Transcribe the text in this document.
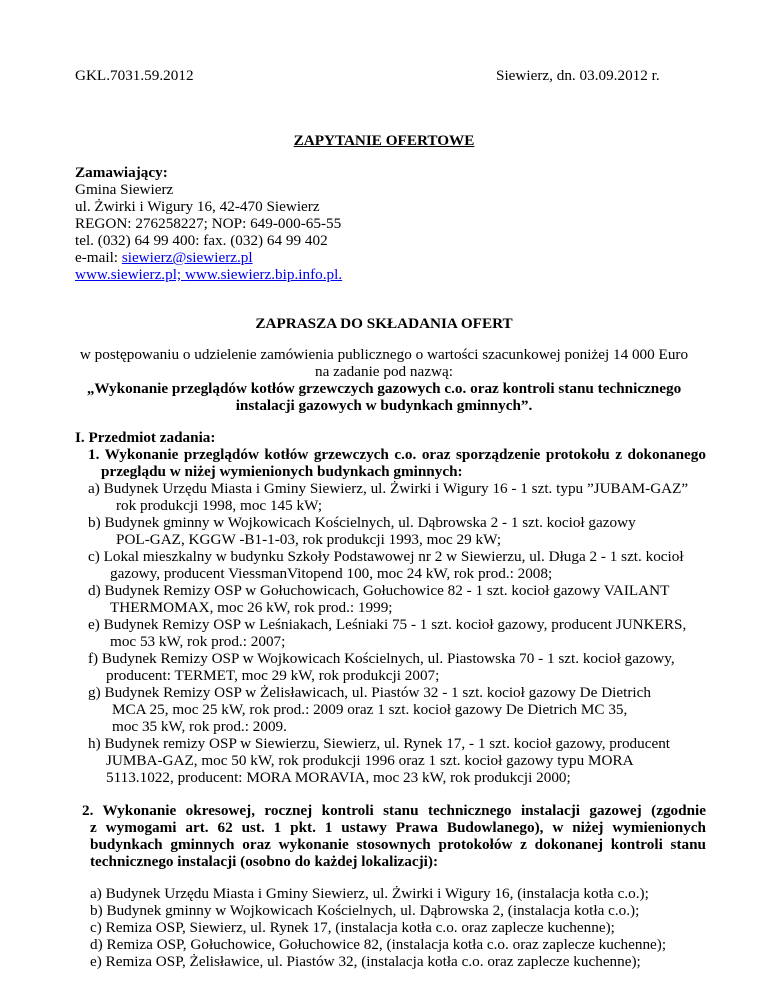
GKL.7031.59.2012	Siewierz, dn. 03.09.2012 r.
ZAPYTANIE OFERTOWE
Zamawiający:
Gmina Siewierz
ul. Żwirki i Wigury 16, 42-470 Siewierz
REGON: 276258227; NOP: 649-000-65-55
tel. (032) 64 99 400: fax. (032) 64 99 402
e-mail: siewierz@siewierz.pl
www.siewierz.pl; www.siewierz.bip.info.pl.
ZAPRASZA DO SKŁADANIA OFERT
w postępowaniu o udzielenie zamówienia publicznego o wartości szacunkowej poniżej 14 000 Euro
na zadanie pod nazwą:
„Wykonanie przeglądów kotłów grzewczych gazowych c.o. oraz kontroli stanu technicznego
instalacji gazowych w budynkach gminnych”.
I. Przedmiot zadania:
1. Wykonanie przeglądów kotłów grzewczych c.o. oraz sporządzenie protokołu z dokonanego
przeglądu w niżej wymienionych budynkach gminnych:
a) Budynek Urzędu Miasta i Gminy Siewierz, ul. Żwirki i Wigury 16 - 1 szt. typu ”JUBAM-GAZ”
rok produkcji 1998, moc 145 kW;
b) Budynek gminny w Wojkowicach Kościelnych, ul. Dąbrowska 2 - 1 szt. kocioł gazowy
POL-GAZ, KGGW -B1-1-03, rok produkcji 1993, moc 29 kW;
c) Lokal mieszkalny w budynku Szkoły Podstawowej nr 2 w Siewierzu, ul. Długa 2 - 1 szt. kocioł
gazowy, producent ViessmanVitopend 100, moc 24 kW, rok prod.: 2008;
d) Budynek Remizy OSP w Gołuchowicach, Gołuchowice 82 - 1 szt. kocioł gazowy VAILANT
THERMOMAX, moc 26 kW, rok prod.: 1999;
e) Budynek Remizy OSP w Leśniakach, Leśniaki 75 - 1 szt. kocioł gazowy, producent JUNKERS,
moc 53 kW, rok prod.: 2007;
f) Budynek Remizy OSP w Wojkowicach Kościelnych, ul. Piastowska 70 - 1 szt. kocioł gazowy,
producent: TERMET, moc 29 kW, rok produkcji 2007;
g) Budynek Remizy OSP w Żelisławicach, ul. Piastów 32 - 1 szt. kocioł gazowy De Dietrich
MCA 25, moc 25 kW, rok prod.: 2009 oraz 1 szt. kocioł gazowy De Dietrich MC 35,
moc 35 kW, rok prod.: 2009.
h) Budynek remizy OSP w Siewierzu, Siewierz, ul. Rynek 17, - 1 szt. kocioł gazowy, producent
JUMBA-GAZ, moc 50 kW, rok produkcji 1996 oraz 1 szt. kocioł gazowy typu MORA
5113.1022, producent: MORA MORAVIA, moc 23 kW, rok produkcji 2000;
2. Wykonanie okresowej, rocznej kontroli stanu technicznego instalacji gazowej (zgodnie
z wymogami art. 62 ust. 1 pkt. 1 ustawy Prawa Budowlanego), w niżej wymienionych
budynkach gminnych oraz wykonanie stosownych protokołów z dokonanej kontroli stanu
technicznego instalacji (osobno do każdej lokalizacji):
a) Budynek Urzędu Miasta i Gminy Siewierz, ul. Żwirki i Wigury 16, (instalacja kotła c.o.);
b) Budynek gminny w Wojkowicach Kościelnych, ul. Dąbrowska 2, (instalacja kotła c.o.);
c) Remiza OSP, Siewierz, ul. Rynek 17, (instalacja kotła c.o. oraz zaplecze kuchenne);
d) Remiza OSP, Gołuchowice, Gołuchowice 82, (instalacja kotła c.o. oraz zaplecze kuchenne);
e) Remiza OSP, Żelisławice, ul. Piastów 32, (instalacja kotła c.o. oraz zaplecze kuchenne);
